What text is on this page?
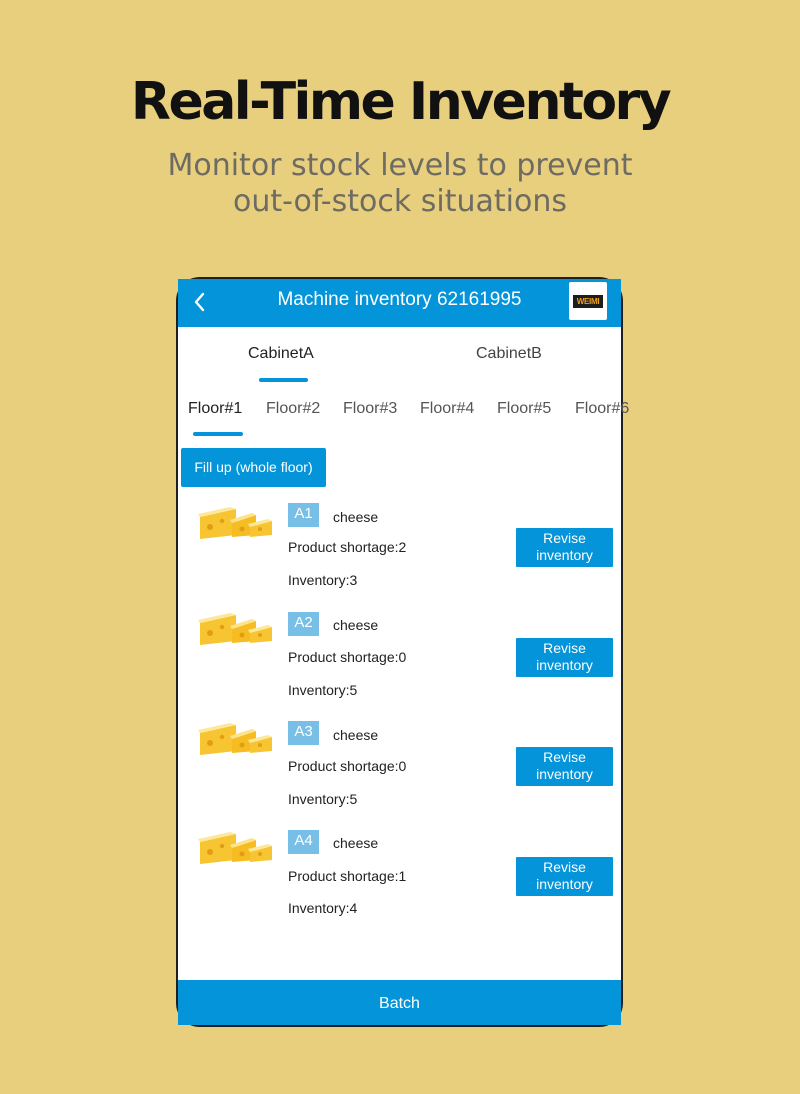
Real-Time Inventory
Monitor stock levels to prevent
out-of-stock situations
Machine inventory 62161995	WEIMI
CabinetA	CabinetB
Floor#1 Floor#2 Floor#3 Floor#4 Floor#5 Floor#6
Fill up (whole floor)
A1	cheese
Product shortage:2
Inventory:3
Revise inventory
A2	cheese
Product shortage:0
Inventory:5
Revise inventory
A3	cheese
Product shortage:0
Inventory:5
Revise inventory
A4	cheese
Product shortage:1
Inventory:4
Revise inventory
Batch
